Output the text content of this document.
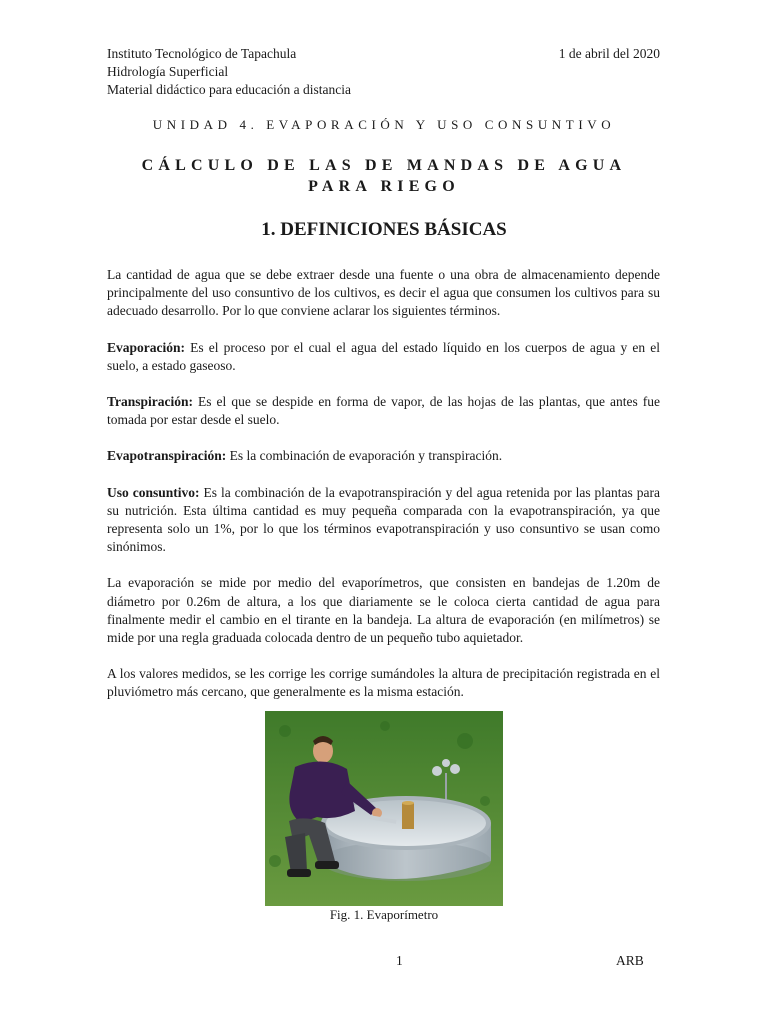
Instituto Tecnológico de Tapachula	1 de abril del 2020
Hidrología Superficial
Material didáctico para educación a distancia
UNIDAD 4. EVAPORACIÓN Y USO CONSUNTIVO
CÁLCULO DE LAS DE MANDAS DE AGUA
PARA RIEGO
1. DEFINICIONES BÁSICAS

La cantidad de agua que se debe extraer desde una fuente o una obra de almacenamiento depende principalmente del uso consuntivo de los cultivos, es decir el agua que consumen los cultivos para su adecuado desarrollo. Por lo que conviene aclarar los siguientes términos.

Evaporación: Es el proceso por el cual el agua del estado líquido en los cuerpos de agua y en el suelo, a estado gaseoso.

Transpiración: Es el que se despide en forma de vapor, de las hojas de las plantas, que antes fue tomada por estar desde el suelo.

Evapotranspiración: Es la combinación de evaporación y transpiración.

Uso consuntivo: Es la combinación de la evapotranspiración y del agua retenida por las plantas para su nutrición. Esta última cantidad es muy pequeña comparada con la evapotranspiración, ya que representa solo un 1%, por lo que los términos evapotranspiración y uso consuntivo se usan como sinónimos.

La evaporación se mide por medio del evaporímetros, que consisten en bandejas de 1.20m de diámetro por 0.26m de altura, a los que diariamente se le coloca cierta cantidad de agua para finalmente medir el cambio en el tirante en la bandeja. La altura de evaporación (en milímetros) se mide por una regla graduada colocada dentro de un pequeño tubo aquietador.

A los valores medidos, se les corrige les corrige sumándoles la altura de precipitación registrada en el pluviómetro más cercano, que generalmente es la misma estación.

Fig. 1. Evaporímetro
1	ARB
